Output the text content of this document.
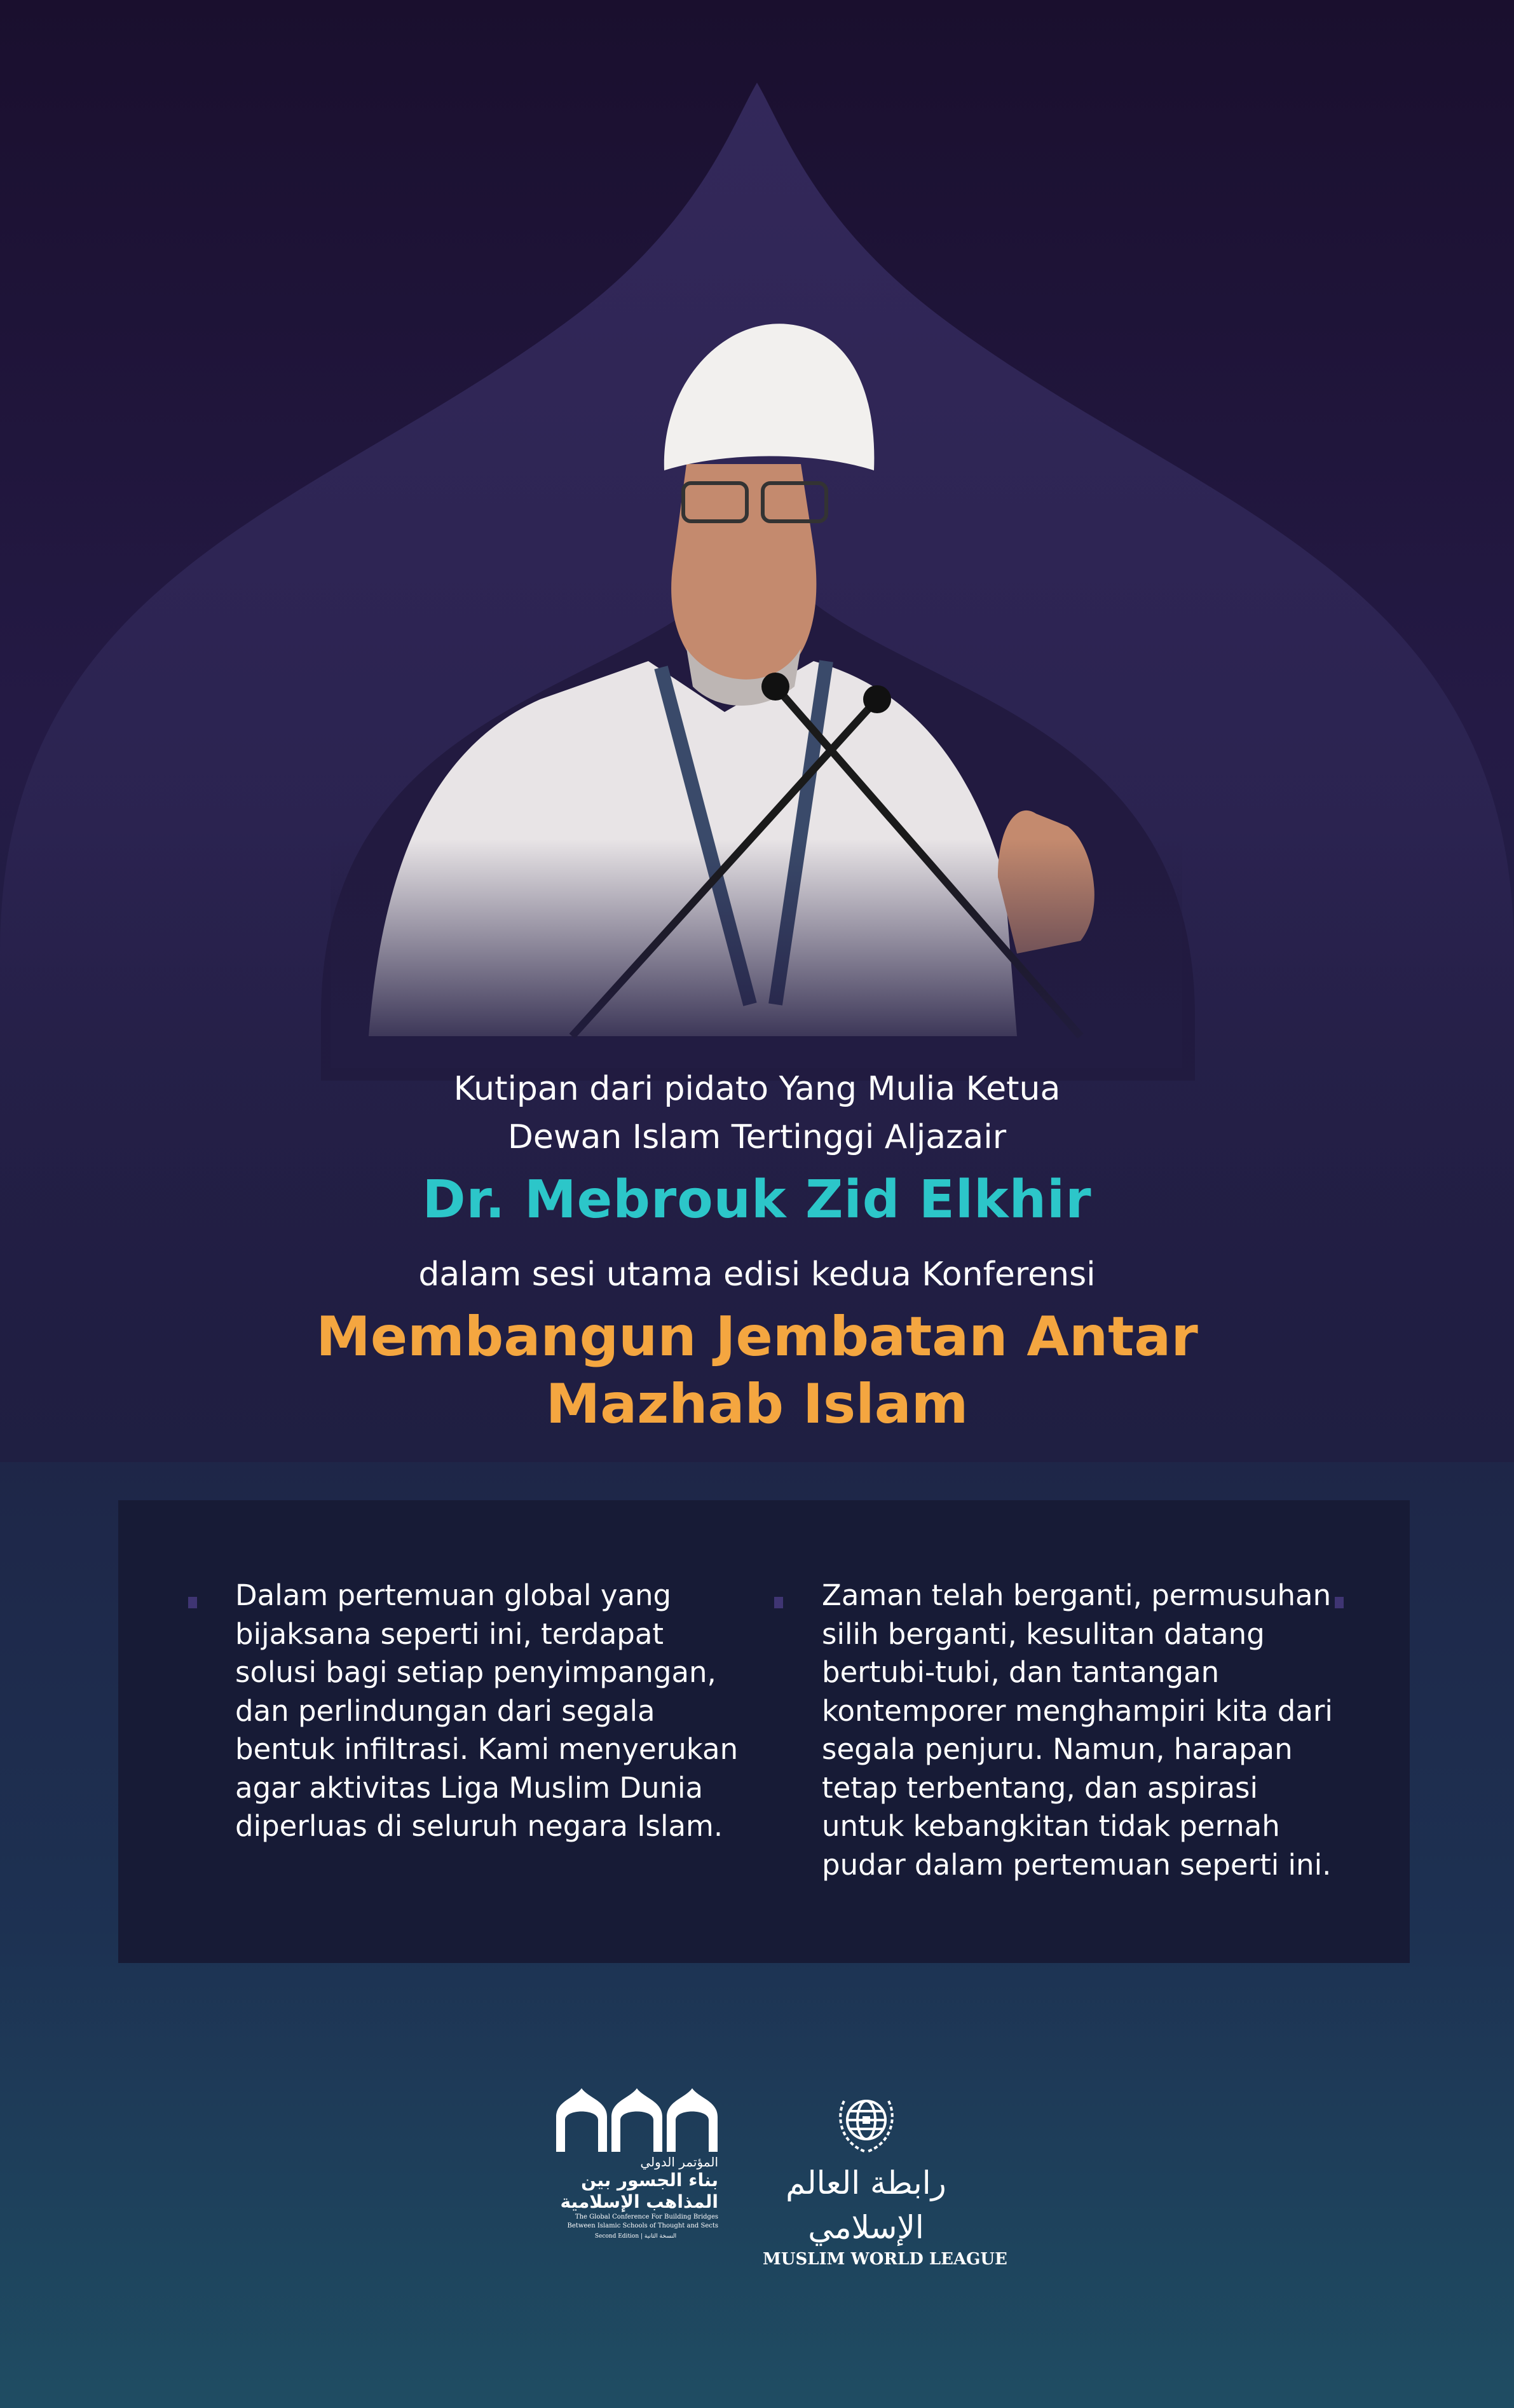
Kutipan dari pidato Yang Mulia Ketua
Dewan Islam Tertinggi Aljazair
Dr. Mebrouk Zid Elkhir
dalam sesi utama edisi kedua Konferensi
Membangun Jembatan Antar
Mazhab Islam
Dalam pertemuan global yang bijaksana seperti ini, terdapat solusi bagi setiap penyimpangan, dan perlindungan dari segala bentuk infiltrasi. Kami menyerukan agar aktivitas Liga Muslim Dunia diperluas di seluruh negara Islam.
Zaman telah berganti, permusuhan silih berganti, kesulitan datang bertubi-tubi, dan tantangan kontemporer menghampiri kita dari segala penjuru. Namun, harapan tetap terbentang, dan aspirasi untuk kebangkitan tidak pernah pudar dalam pertemuan seperti ini.
المؤتمر الدولي
بناء الجسور بين
المذاهب الإسلامية
The Global Conference For Building Bridges
Between Islamic Schools of Thought and Sects
Second Edition | النسخة الثانية
رابطة العالم الإسلامي
MUSLIM WORLD LEAGUE
